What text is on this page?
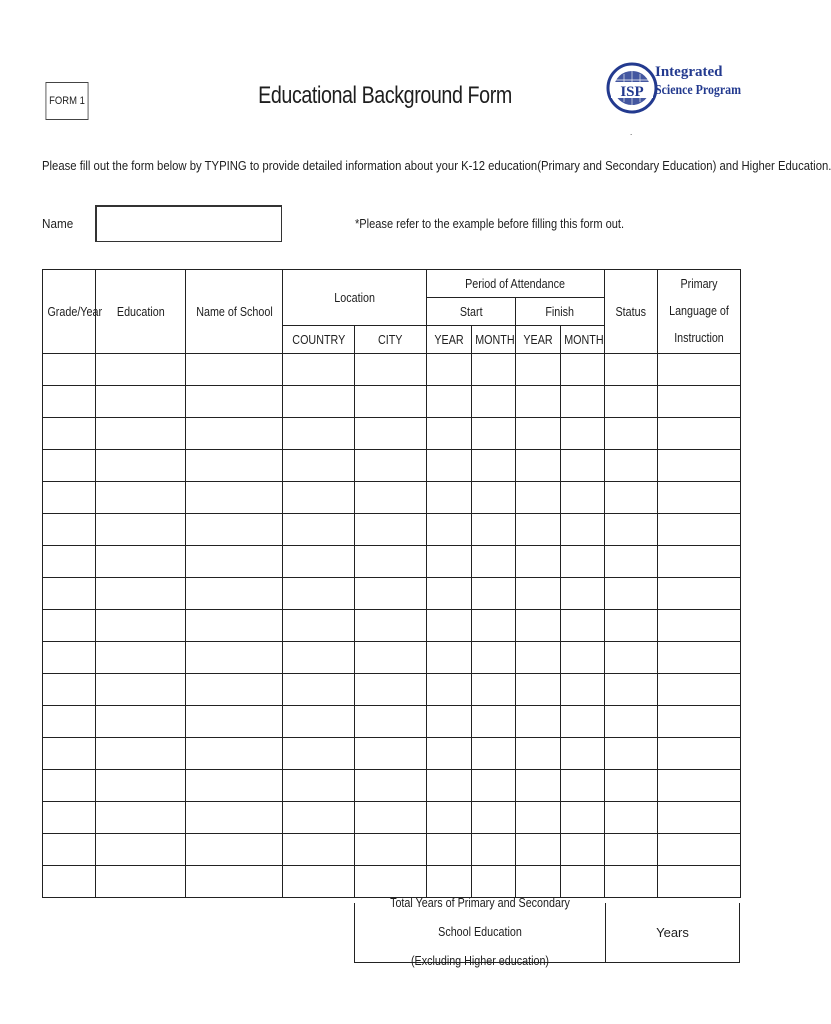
FORM 1	Educational Background Form	ISP
Integrated
Science Program
.
Please fill out the form below by TYPING to provide detailed information about your K-12 education(Primary and Secondary Education) and Higher Education.
Name	*Please refer to the example before filling this form out.
Grade/Year	Education	Name of School	Location		Period of Attendance				Status	Primary Language of Instruction
					Start		Finish			
			COUNTRY	CITY	YEAR	MONTH	YEAR	MONTH		

Total Years of Primary and Secondary School Education
(Excluding Higher education)
Years
